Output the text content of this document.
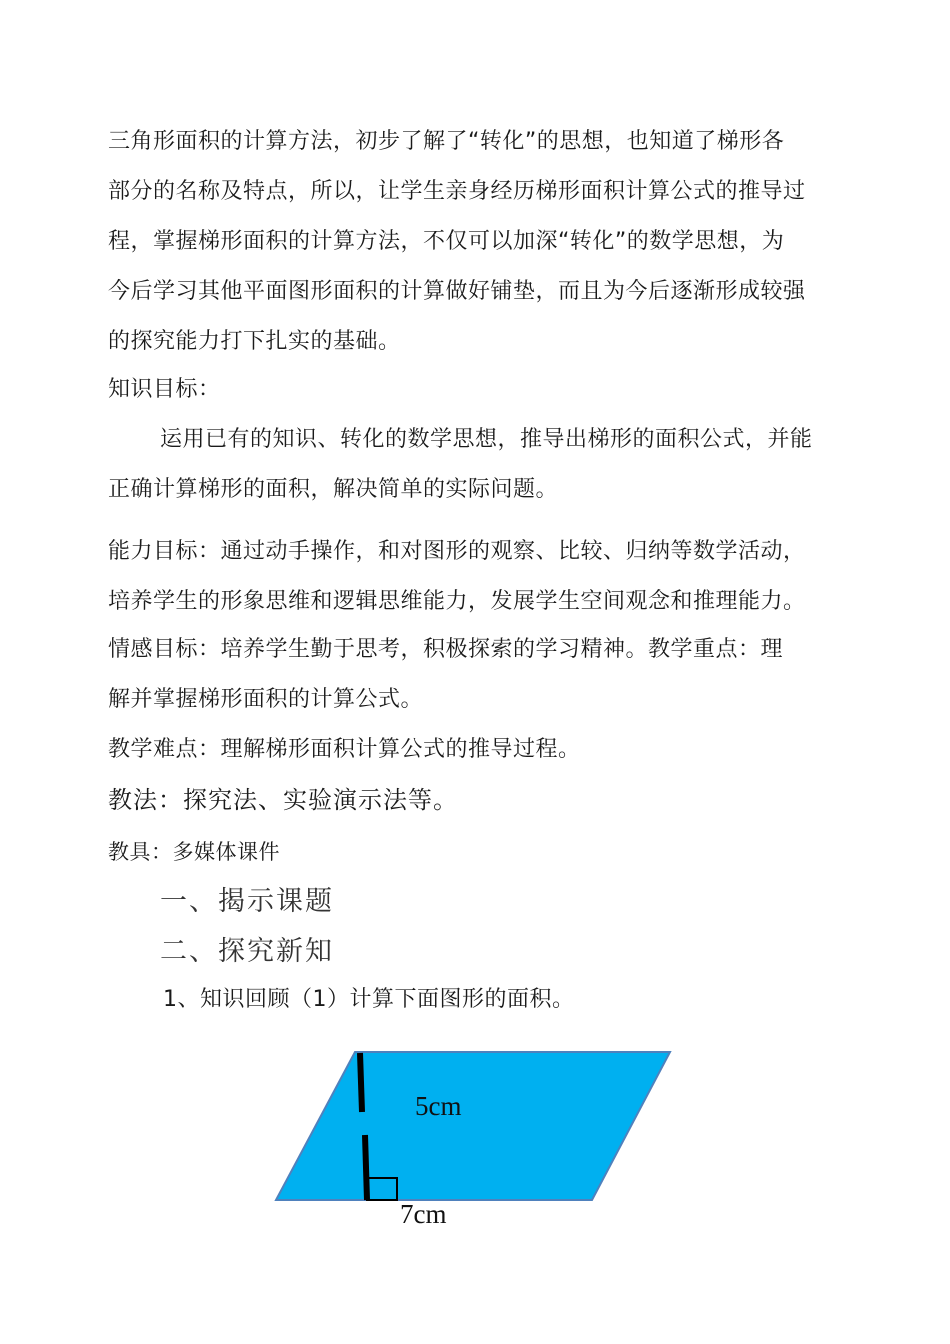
三角形面积的计算方法，初步了解了“转化”的思想，也知道了梯形各
部分的名称及特点，所以，让学生亲身经历梯形面积计算公式的推导过
程，掌握梯形面积的计算方法，不仅可以加深“转化”的数学思想，为
今后学习其他平面图形面积的计算做好铺垫，而且为今后逐渐形成较强
的探究能力打下扎实的基础。
知识目标：
运用已有的知识、转化的数学思想，推导出梯形的面积公式，并能
正确计算梯形的面积，解决简单的实际问题。
能力目标：通过动手操作，和对图形的观察、比较、归纳等数学活动，
培养学生的形象思维和逻辑思维能力，发展学生空间观念和推理能力。
情感目标：培养学生勤于思考，积极探索的学习精神。教学重点：理
解并掌握梯形面积的计算公式。
教学难点：理解梯形面积计算公式的推导过程。
教法：探究法、实验演示法等。
教具：多媒体课件
一、揭示课题
二、探究新知
1、知识回顾（1）计算下面图形的面积。
5cm
7cm
